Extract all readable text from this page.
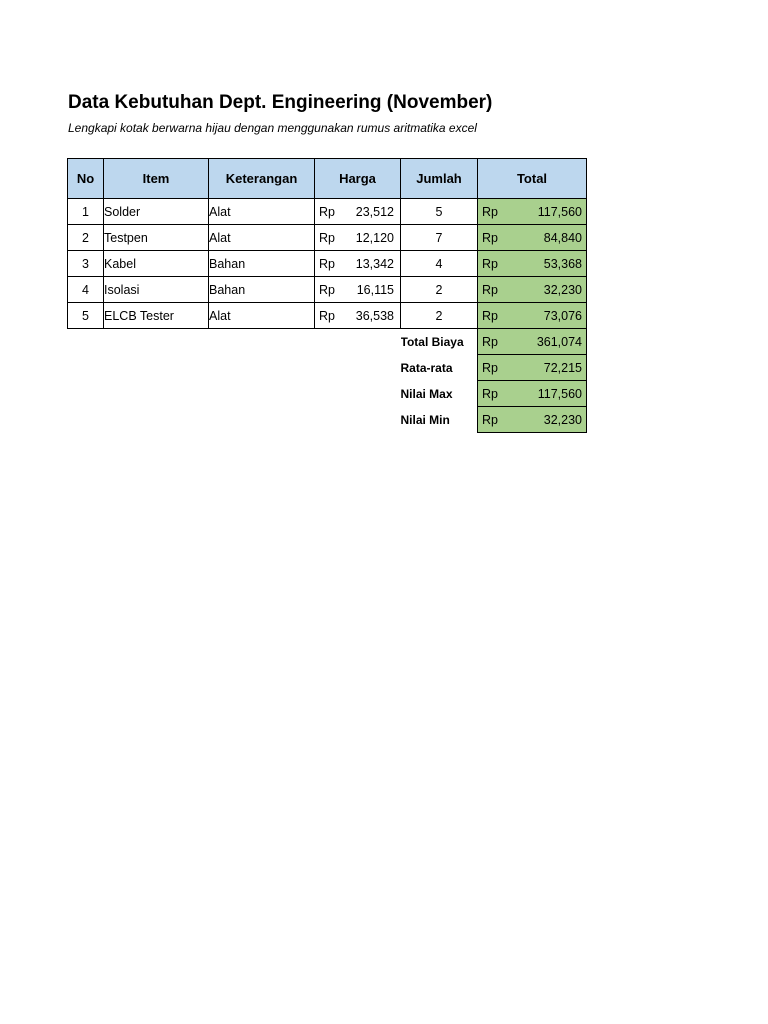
Data Kebutuhan Dept. Engineering (November)
Lengkapi kotak berwarna hijau dengan menggunakan rumus aritmatika excel
No	Item	Keterangan	Harga	Jumlah	Total
1	Solder	Alat	Rp 23,512	5	Rp 117,560

2	Testpen	Alat	Rp 12,120	7	Rp 84,840

3	Kabel	Bahan	Rp 13,342	4	Rp 53,368

4	Isolasi	Bahan	Rp 16,115	2	Rp 32,230

5	ELCB Tester	Alat	Rp 36,538	2	Rp 73,076

				Total Biaya	Rp 361,074

				Rata-rata	Rp 72,215

				Nilai Max	Rp 117,560

				Nilai Min	Rp 32,230
